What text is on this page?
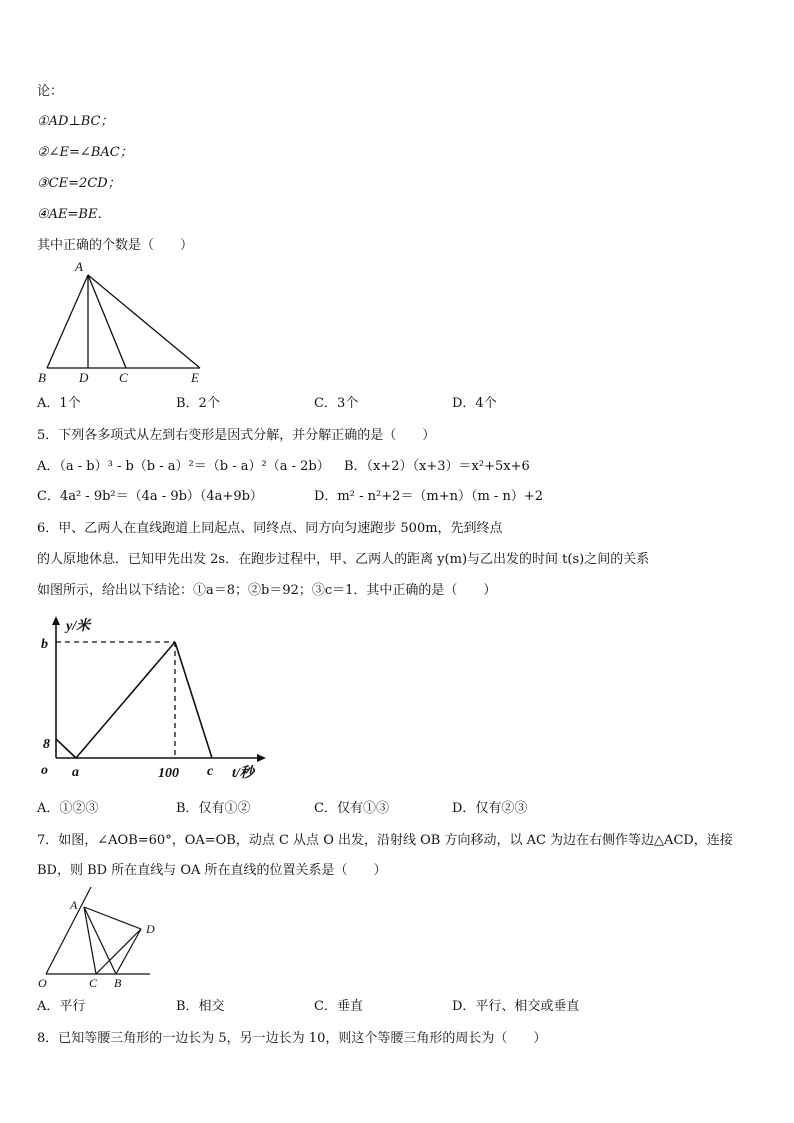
论：
①AD⊥BC；
②∠E=∠BAC；
③CE=2CD；
④AE=BE．
其中正确的个数是（　　）
A
B	D C	E
A．1个	B．2个	C．3个	D．4个
5．下列各多项式从左到右变形是因式分解，并分解正确的是（　　）
A．（a - b）³ - b（b - a）²＝（b - a）²（a - 2b） B．（x+2）（x+3）＝x²+5x+6
C．4a² - 9b²＝（4a - 9b）（4a+9b）	D．m² - n²+2＝（m+n）（m - n）+2
6．甲、乙两人在直线跑道上同起点、同终点、同方向匀速跑步 500m，先到终点
的人原地休息．已知甲先出发 2s．在跑步过程中，甲、乙两人的距离 y(m)与乙出发的时间 t(s)之间的关系
如图所示，给出以下结论：①a＝8；②b＝92；③c＝1．其中正确的是（　　）
y/米
b
8
o a	100 c t/秒
A．①②③	B．仅有①②	C．仅有①③	D．仅有②③
7．如图，∠AOB=60°，OA=OB，动点 C 从点 O 出发，沿射线 OB 方向移动，以 AC 为边在右侧作等边△ACD，连接
BD，则 BD 所在直线与 OA 所在直线的位置关系是（　　）
A
D
O	C B
A．平行	B．相交	C．垂直	D．平行、相交或垂直
8．已知等腰三角形的一边长为 5，另一边长为 10，则这个等腰三角形的周长为（　　）
